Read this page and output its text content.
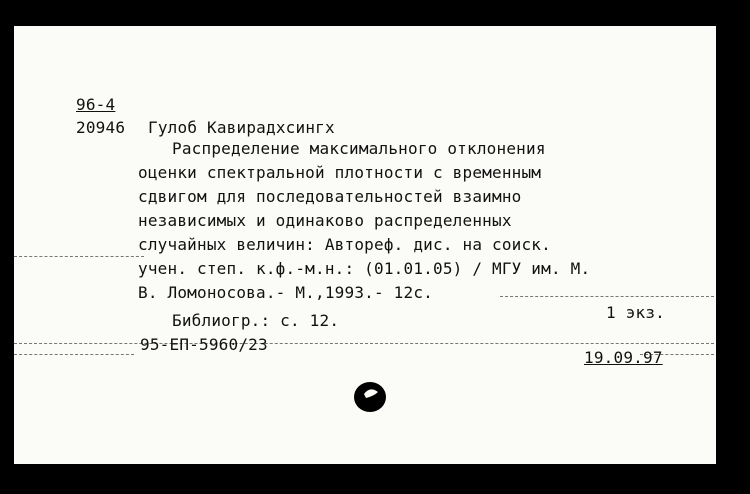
96-4
20946 Гулоб Кавирадхсингх
Распределение максимального отклонения
оценки спектральной плотности с временным
сдвигом для последовательностей взаимно
независимых и одинаково распределенных
случайных величин: Автореф. дис. на соиск.
учен. степ. к.ф.-м.н.: (01.01.05) / МГУ им. М.
В. Ломоносова.- М.,1993.- 12с.
Библиогр.: с. 12.	1 экз.
95-ЕП-5960/23
19.09.97
